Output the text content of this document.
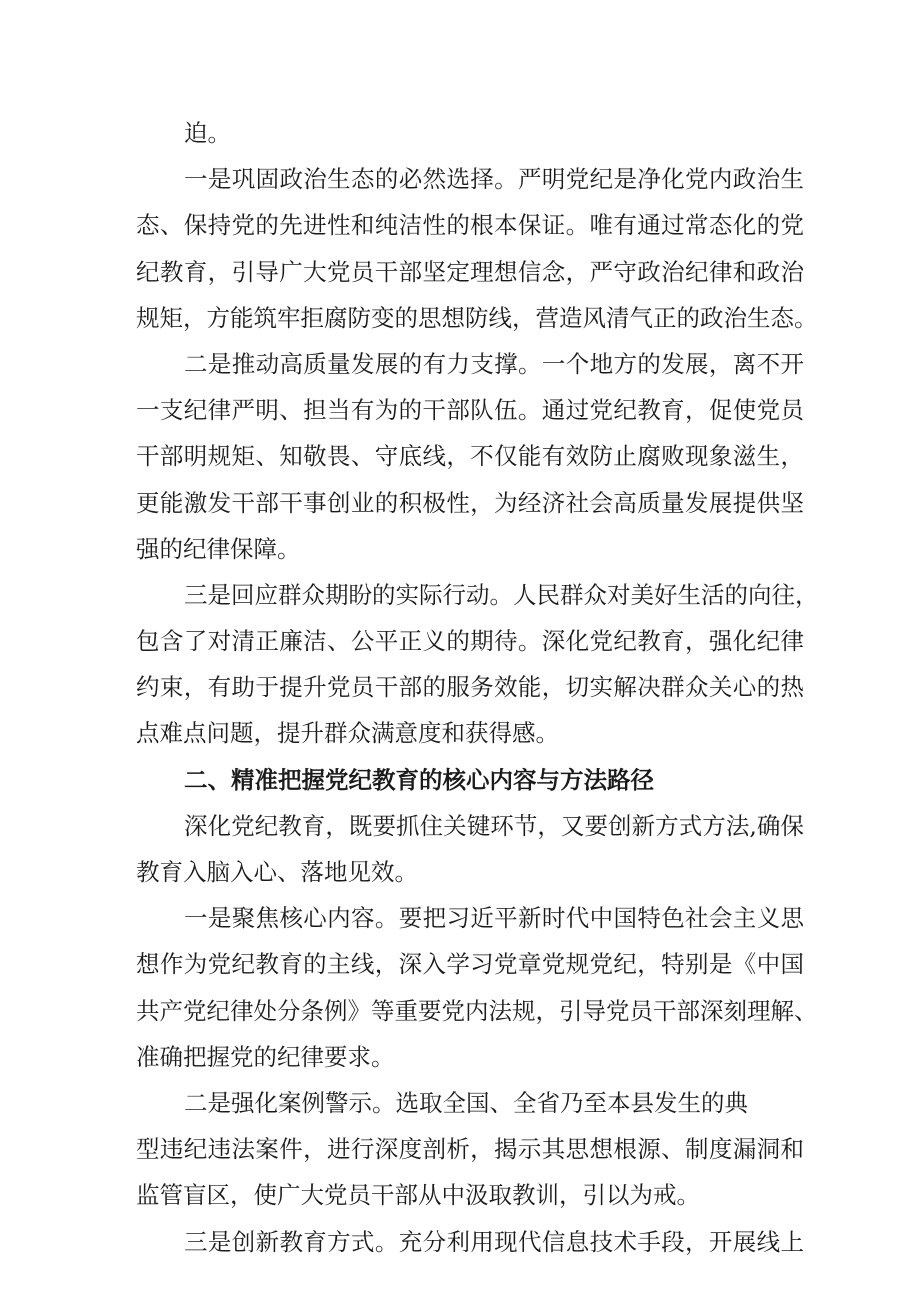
迫。
一是巩固政治生态的必然选择。严明党纪是净化党内政治生
态、保持党的先进性和纯洁性的根本保证。唯有通过常态化的党
纪教育，引导广大党员干部坚定理想信念，严守政治纪律和政治
规矩，方能筑牢拒腐防变的思想防线，营造风清气正的政治生态。
二是推动高质量发展的有力支撑。一个地方的发展，离不开
一支纪律严明、担当有为的干部队伍。通过党纪教育，促使党员
干部明规矩、知敬畏、守底线，不仅能有效防止腐败现象滋生，
更能激发干部干事创业的积极性，为经济社会高质量发展提供坚
强的纪律保障。
三是回应群众期盼的实际行动。人民群众对美好生活的向往，
包含了对清正廉洁、公平正义的期待。深化党纪教育，强化纪律
约束，有助于提升党员干部的服务效能，切实解决群众关心的热
点难点问题，提升群众满意度和获得感。
二、精准把握党纪教育的核心内容与方法路径
深化党纪教育，既要抓住关键环节，又要创新方式方法,确保
教育入脑入心、落地见效。
一是聚焦核心内容。要把习近平新时代中国特色社会主义思
想作为党纪教育的主线，深入学习党章党规党纪，特别是《中国
共产党纪律处分条例》等重要党内法规，引导党员干部深刻理解、
准确把握党的纪律要求。
二是强化案例警示。选取全国、全省乃至本县发生的典
型违纪违法案件，进行深度剖析，揭示其思想根源、制度漏洞和
监管盲区，使广大党员干部从中汲取教训，引以为戒。
三是创新教育方式。充分利用现代信息技术手段，开展线上
